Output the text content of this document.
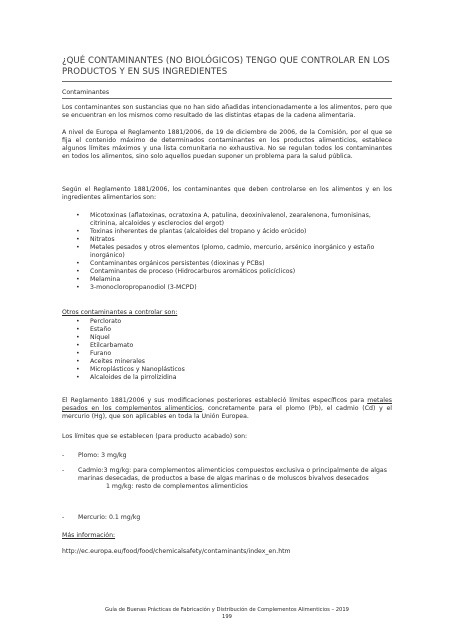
¿QUÉ CONTAMINANTES (NO BIOLÓGICOS) TENGO QUE CONTROLAR EN LOS PRODUCTOS Y EN SUS INGREDIENTES
Contaminantes
Los contaminantes son sustancias que no han sido añadidas intencionadamente a los alimentos, pero que se encuentran en los mismos como resultado de las distintas etapas de la cadena alimentaria.
A nivel de Europa el Reglamento 1881/2006, de 19 de diciembre de 2006, de la Comisión, por el que se fija el contenido máximo de determinados contaminantes en los productos alimenticios, establece algunos límites máximos y una lista comunitaria no exhaustiva. No se regulan todos los contaminantes en todos los alimentos, sino solo aquellos puedan suponer un problema para la salud pública.
Según el Reglamento 1881/2006, los contaminantes que deben controlarse en los alimentos y en los ingredientes alimentarios son:
• Micotoxinas (aflatoxinas, ocratoxina A, patulina, deoxinivalenol, zearalenona, fumonisinas, citrinina, alcaloides y esclerocios del ergot)
• Toxinas inherentes de plantas (alcaloides del tropano y ácido erúcido)
• Nitratos
• Metales pesados y otros elementos (plomo, cadmio, mercurio, arsénico inorgánico y estaño inorgánico)
• Contaminantes orgánicos persistentes (dioxinas y PCBs)
• Contaminantes de proceso (Hidrocarburos aromáticos policíclicos)
• Melamina
• 3-monocloropropanodiol (3-MCPD)
Otros contaminantes a controlar son:
• Perclorato
• Estaño
• Níquel
• Etilcarbamato
• Furano
• Aceites minerales
• Microplásticos y Nanoplásticos
• Alcaloides de la pirrolizidina
El Reglamento 1881/2006 y sus modificaciones posteriores estableció límites específicos para metales pesados en los complementos alimenticios, concretamente para el plomo (Pb), el cadmio (Cd) y el mercurio (Hg), que son aplicables en toda la Unión Europea.
Los límites que se establecen (para producto acabado) son:
- Plomo: 3 mg/kg
- Cadmio:3 mg/kg: para complementos alimenticios compuestos exclusiva o principalmente de algas marinas desecadas, de productos a base de algas marinas o de moluscos bivalvos desecados
1 mg/kg: resto de complementos alimenticios
- Mercurio: 0.1 mg/kg
Más información:
http://ec.europa.eu/food/food/chemicalsafety/contaminants/index_en.htm
Guía de Buenas Prácticas de Fabricación y Distribución de Complementos Alimenticios – 2019
199
